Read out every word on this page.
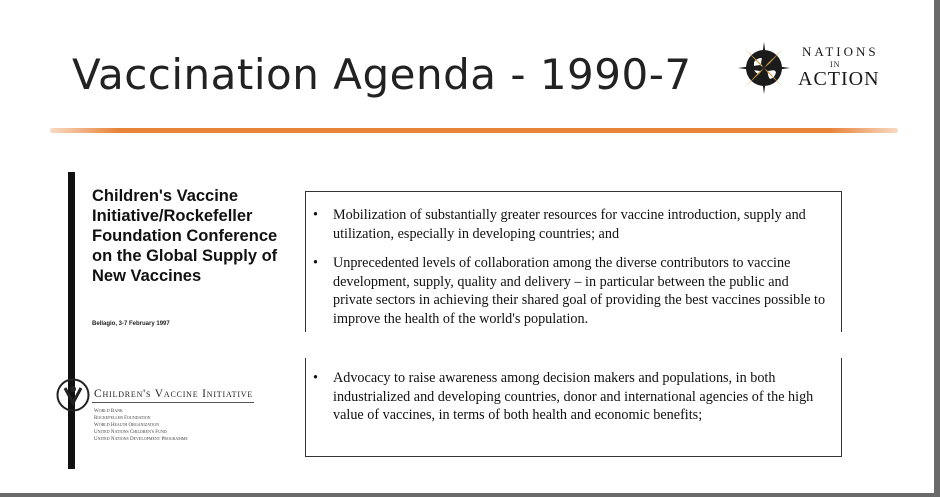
Vaccination Agenda - 1990-7	NATIONS
IN
ACTION
Children's Vaccine Initiative/Rockefeller Foundation Conference on the Global Supply of New Vaccines
Bellagio, 3-7 February 1997
Children's Vaccine Initiative
World Bank
Rockefeller Foundation
World Health Organization
United Nations Children's Fund
United Nations Development Programme
• Mobilization of substantially greater resources for vaccine introduction, supply and utilization, especially in developing countries; and
• Unprecedented levels of collaboration among the diverse contributors to vaccine development, supply, quality and delivery – in particular between the public and private sectors in achieving their shared goal of providing the best vaccines possible to improve the health of the world's population.
• Advocacy to raise awareness among decision makers and populations, in both industrialized and developing countries, donor and international agencies of the high value of vaccines, in terms of both health and economic benefits;
